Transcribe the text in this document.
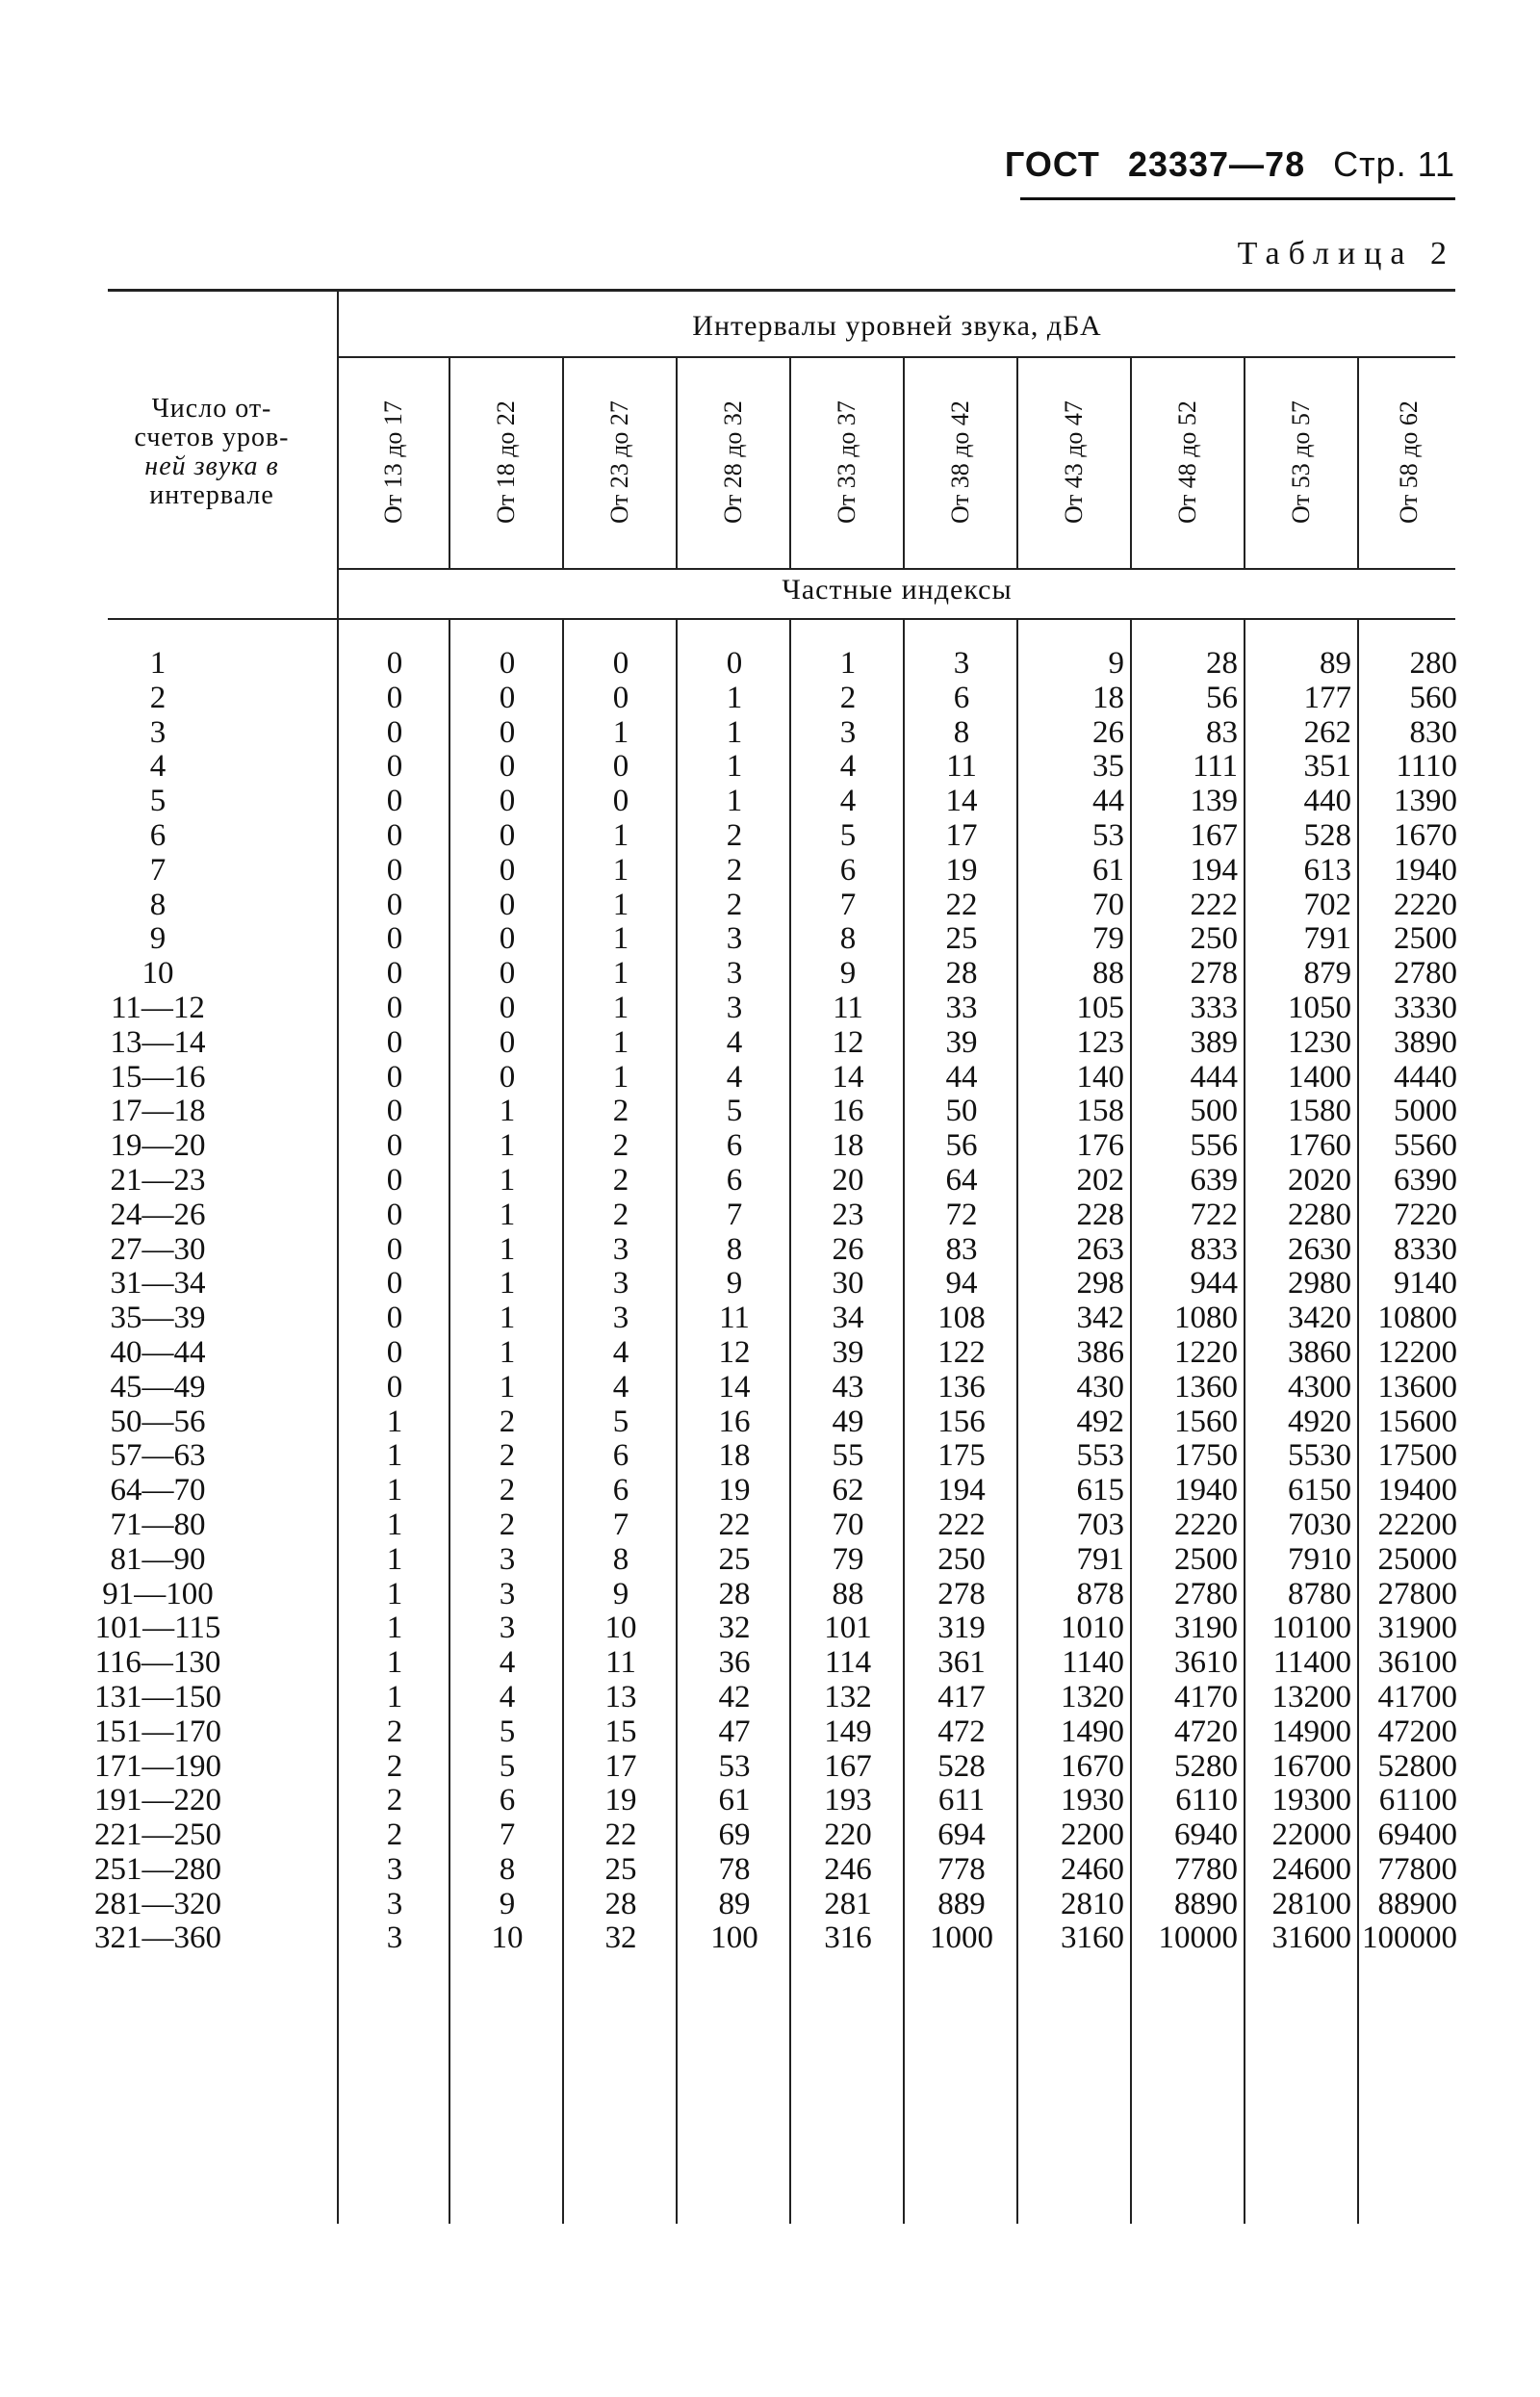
ГОСТ 23337—78 Стр. 11
Таблица 2
Интервалы уровней звука, дБА
Частные индексы
Число от-
счетов уров-
ней звука в
интервале	От 13 до 17	От 18 до 22	От 23 до 27	От 28 до 32	От 33 до 37	От 38 до 42	От 43 до 47	От 48 до 52	От 53 до 57	От 58 до 62
1	0	0	0	0	1	3	9	28	89	280
2	0	0	0	1	2	6	18	56	177	560
3	0	0	1	1	3	8	26	83	262	830
4	0	0	0	1	4	11	35	111	351	1110
5	0	0	0	1	4	14	44	139	440	1390
6	0	0	1	2	5	17	53	167	528	1670
7	0	0	1	2	6	19	61	194	613	1940
8	0	0	1	2	7	22	70	222	702	2220
9	0	0	1	3	8	25	79	250	791	2500
10	0	0	1	3	9	28	88	278	879	2780
11—12	0	0	1	3	11	33	105	333	1050	3330
13—14	0	0	1	4	12	39	123	389	1230	3890
15—16	0	0	1	4	14	44	140	444	1400	4440
17—18	0	1	2	5	16	50	158	500	1580	5000
19—20	0	1	2	6	18	56	176	556	1760	5560
21—23	0	1	2	6	20	64	202	639	2020	6390
24—26	0	1	2	7	23	72	228	722	2280	7220
27—30	0	1	3	8	26	83	263	833	2630	8330
31—34	0	1	3	9	30	94	298	944	2980	9140
35—39	0	1	3	11	34	108	342	1080	3420	10800
40—44	0	1	4	12	39	122	386	1220	3860	12200
45—49	0	1	4	14	43	136	430	1360	4300	13600
50—56	1	2	5	16	49	156	492	1560	4920	15600
57—63	1	2	6	18	55	175	553	1750	5530	17500
64—70	1	2	6	19	62	194	615	1940	6150	19400
71—80	1	2	7	22	70	222	703	2220	7030	22200
81—90	1	3	8	25	79	250	791	2500	7910	25000
91—100	1	3	9	28	88	278	878	2780	8780	27800
101—115	1	3	10	32	101	319	1010	3190	10100	31900
116—130	1	4	11	36	114	361	1140	3610	11400	36100
131—150	1	4	13	42	132	417	1320	4170	13200	41700
151—170	2	5	15	47	149	472	1490	4720	14900	47200
171—190	2	5	17	53	167	528	1670	5280	16700	52800
191—220	2	6	19	61	193	611	1930	6110	19300	61100
221—250	2	7	22	69	220	694	2200	6940	22000	69400
251—280	3	8	25	78	246	778	2460	7780	24600	77800
281—320	3	9	28	89	281	889	2810	8890	28100	88900
321—360	3	10	32	100	316	1000	3160	10000	31600	100000
